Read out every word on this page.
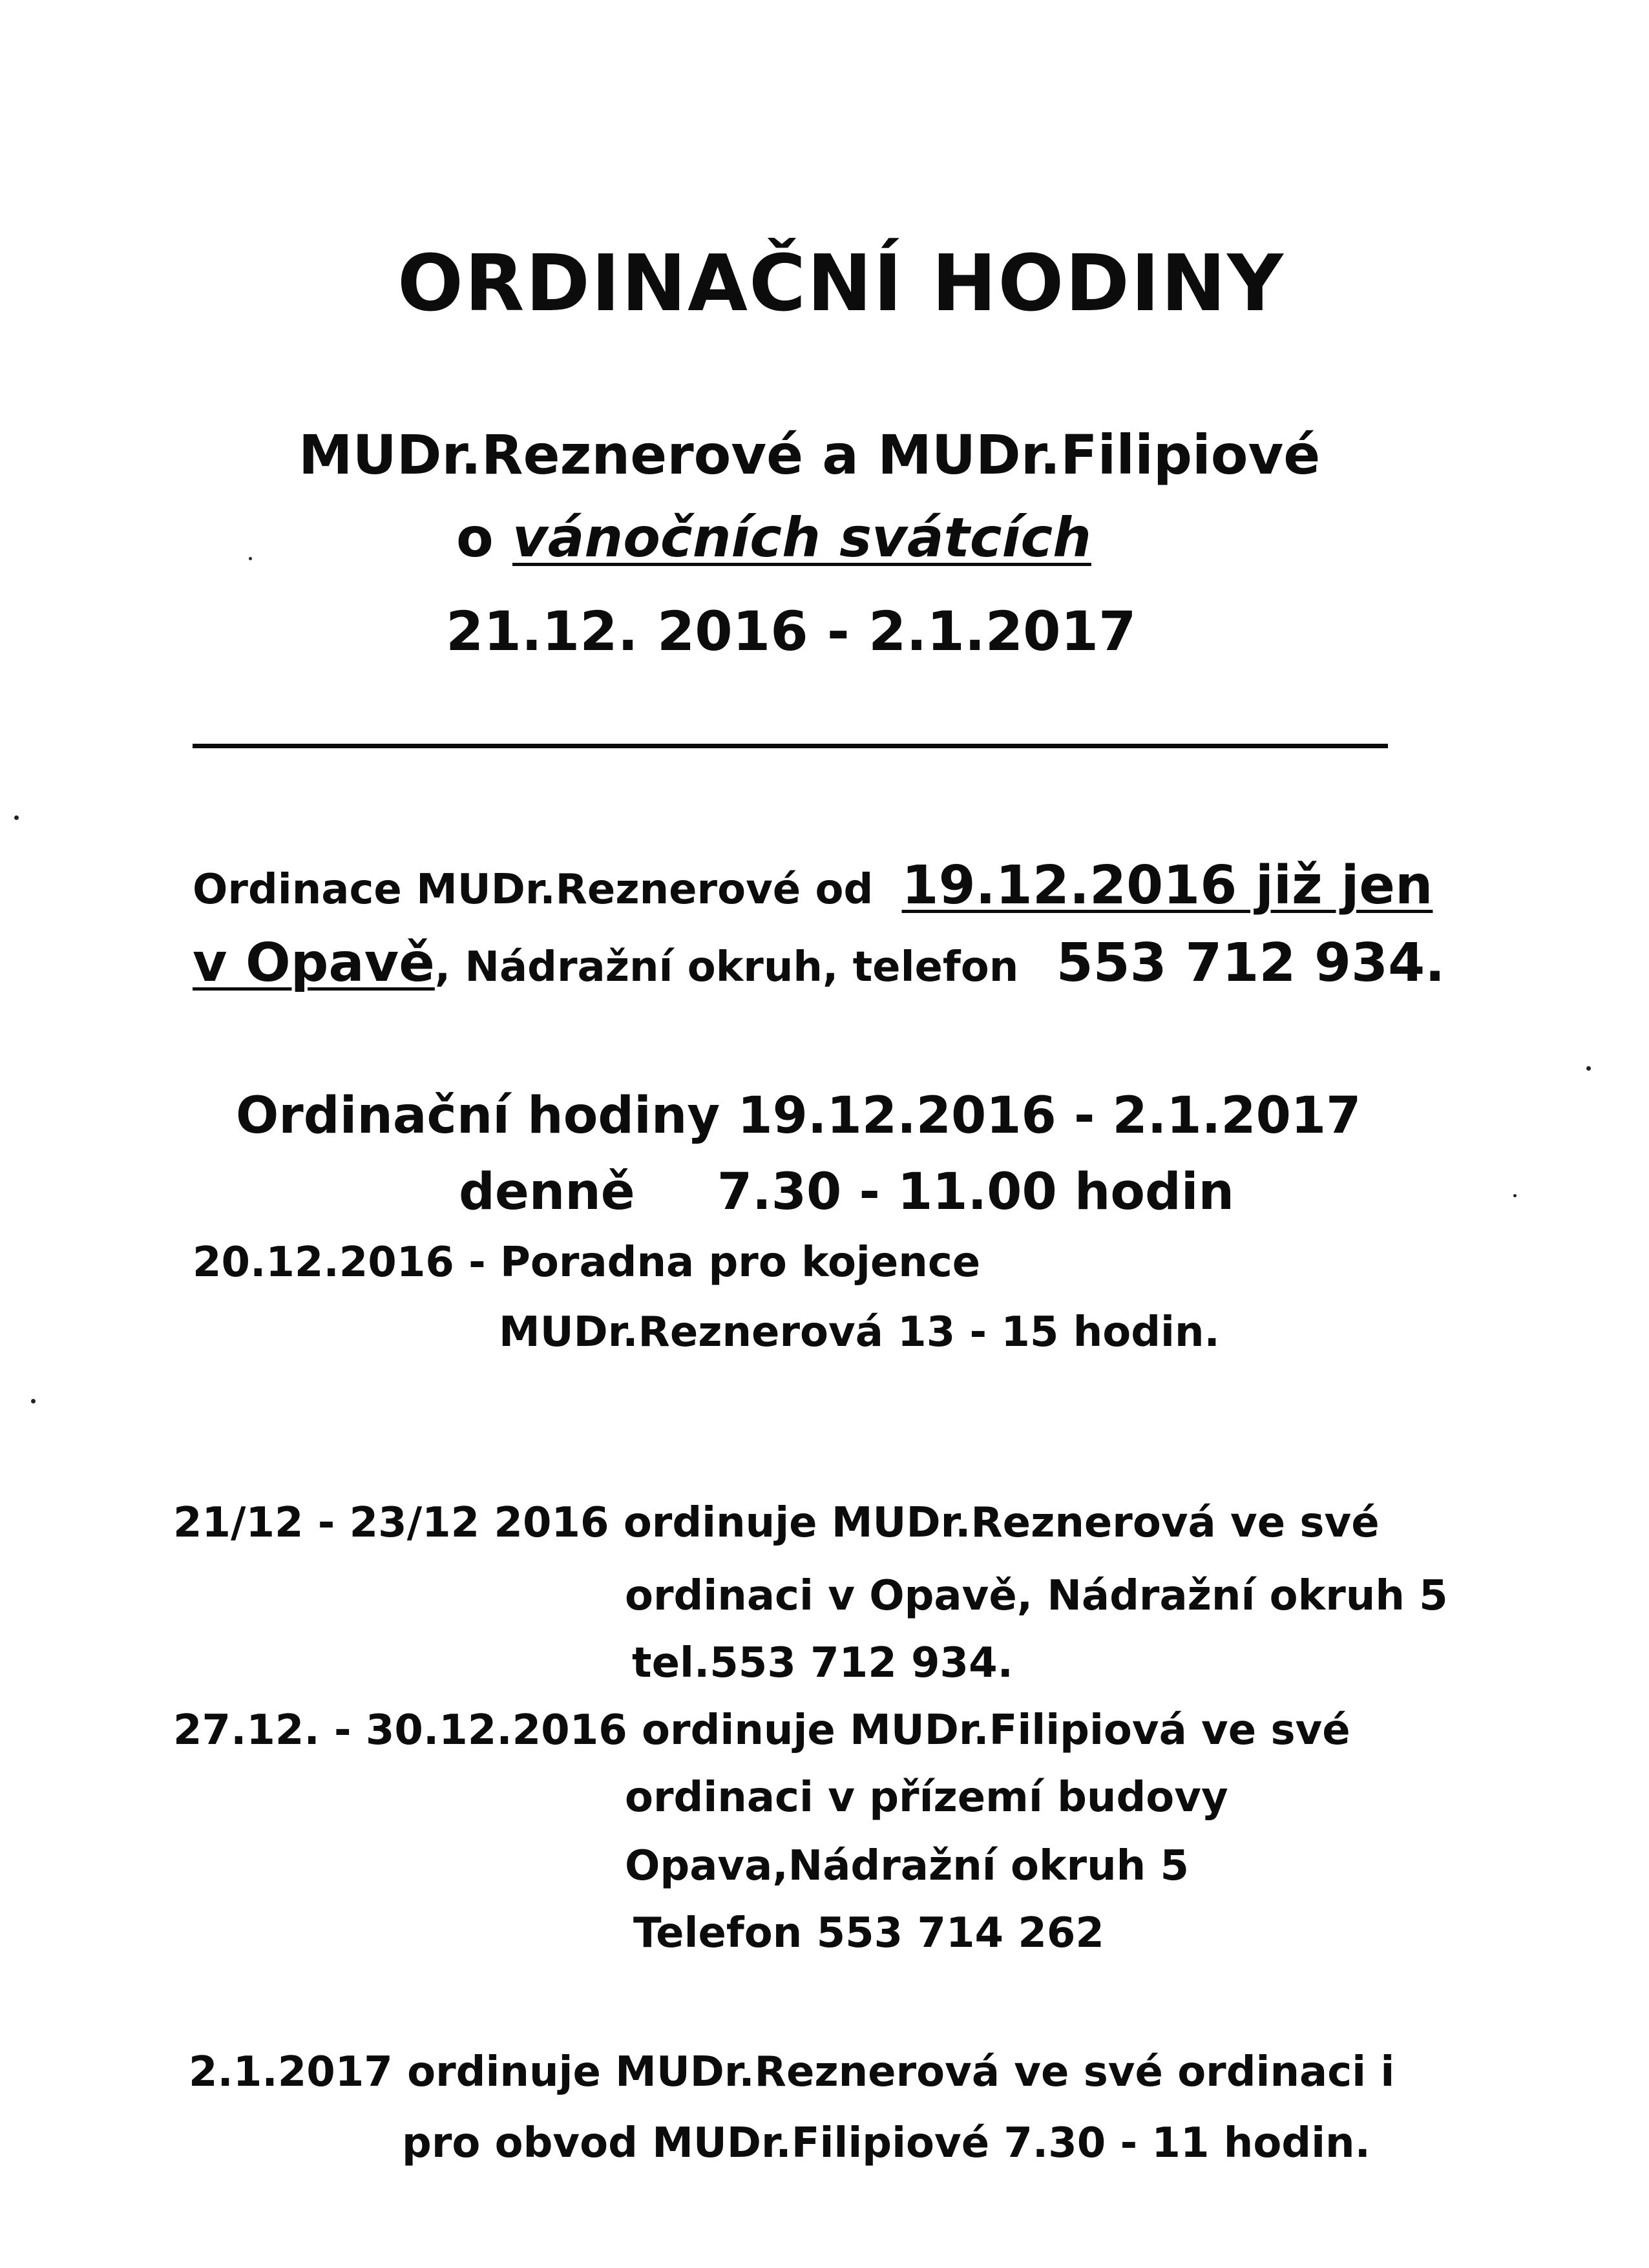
ORDINAČNÍ HODINY
MUDr.Reznerové a MUDr.Filipiové
o vánočních svátcích
21.12. 2016 - 2.1.2017
Ordinace MUDr.Reznerové od 19.12.2016 již jen
v Opavě, Nádražní okruh, telefon 553 712 934.
Ordinační hodiny 19.12.2016 - 2.1.2017
denně 7.30 - 11.00 hodin
20.12.2016 - Poradna pro kojence
MUDr.Reznerová 13 - 15 hodin.
21/12 - 23/12 2016 ordinuje MUDr.Reznerová ve své
ordinaci v Opavě, Nádražní okruh 5
tel.553 712 934.
27.12. - 30.12.2016 ordinuje MUDr.Filipiová ve své
ordinaci v přízemí budovy
Opava,Nádražní okruh 5
Telefon 553 714 262
2.1.2017 ordinuje MUDr.Reznerová ve své ordinaci i
pro obvod MUDr.Filipiové 7.30 - 11 hodin.
